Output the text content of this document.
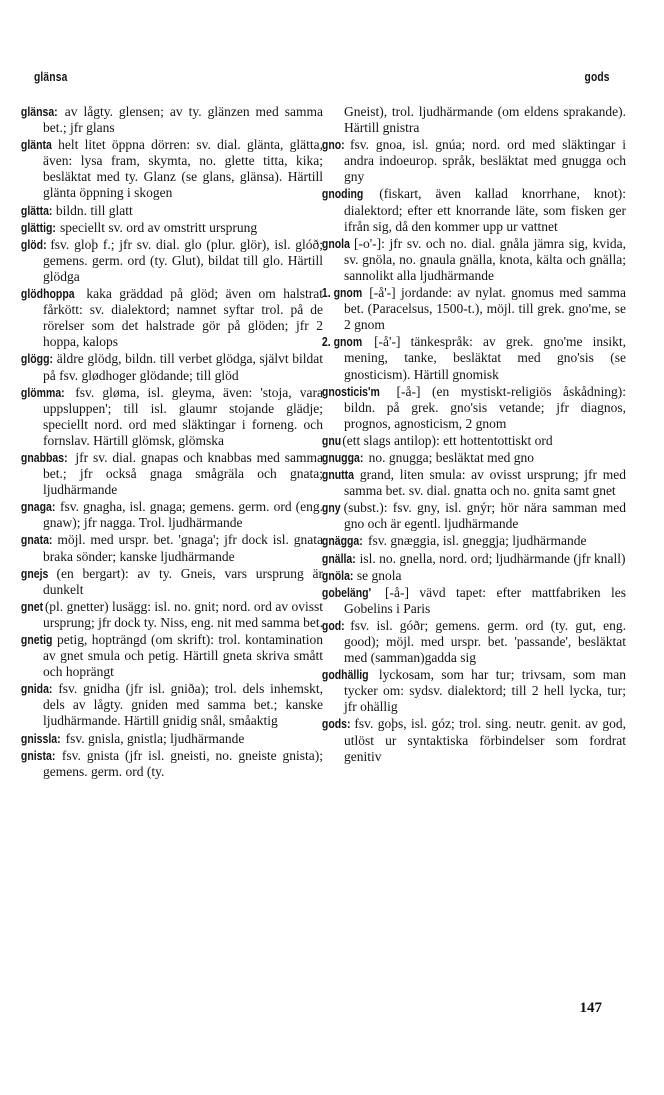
glänsa	gods

glänsa: av lågty. glensen; av ty. glänzen med samma bet.; jfr glans

glänta helt litet öppna dörren: sv. dial. glänta, glätta, även: lysa fram, skymta, no. glette titta, kika; besläktat med ty. Glanz (se glans, glänsa). Härtill glänta öppning i skogen

glätta: bildn. till glatt

glättig: speciellt sv. ord av omstritt ursprung

glöd: fsv. gloþ f.; jfr sv. dial. glo (plur. glör), isl. glóð; gemens. germ. ord (ty. Glut), bildat till glo. Härtill glödga

glödhoppa kaka gräddad på glöd; även om halstrat fårkött: sv. dialektord; namnet syftar trol. på de rörelser som det halstrade gör på glöden; jfr 2 hoppa, kalops

glögg: äldre glödg, bildn. till verbet glödga, självt bildat på fsv. glødhoger glödande; till glöd

glömma: fsv. gløma, isl. gleyma, även: 'stoja, vara uppsluppen'; till isl. glaumr stojande glädje; speciellt nord. ord med släktingar i forneng. och fornslav. Härtill glömsk, glömska

gnabbas: jfr sv. dial. gnapas och knabbas med samma bet.; jfr också gnaga smågräla och gnata; ljudhärmande

gnaga: fsv. gnagha, isl. gnaga; gemens. germ. ord (eng. gnaw); jfr nagga. Trol. ljudhärmande

gnata: möjl. med urspr. bet. 'gnaga'; jfr dock isl. gnata braka sönder; kanske ljudhärmande

gnejs (en bergart): av ty. Gneis, vars ursprung är dunkelt

gnet (pl. gnetter) lusägg: isl. no. gnit; nord. ord av ovisst ursprung; jfr dock ty. Niss, eng. nit med samma bet.

gnetig petig, hopträngd (om skrift): trol. kontamination av gnet smula och petig. Härtill gneta skriva smått och hoprängt

gnida: fsv. gnidha (jfr isl. gniða); trol. dels inhemskt, dels av lågty. gniden med samma bet.; kanske ljudhärmande. Härtill gnidig snål, småaktig

gnissla: fsv. gnisla, gnistla; ljudhärmande

gnista: fsv. gnista (jfr isl. gneisti, no. gneiste gnista); gemens. germ. ord (ty.

Gneist), trol. ljudhärmande (om eldens sprakande). Härtill gnistra

gno: fsv. gnoa, isl. gnúa; nord. ord med släktingar i andra indoeurop. språk, besläktat med gnugga och gny

gnoding (fiskart, även kallad knorrhane, knot): dialektord; efter ett knorrande läte, som fisken ger ifrån sig, då den kommer upp ur vattnet

gnola [-o'-]: jfr sv. och no. dial. gnåla jämra sig, kvida, sv. gnöla, no. gnaula gnälla, knota, kälta och gnälla; sannolikt alla ljudhärmande

1. gnom [-å'-] jordande: av nylat. gnomus med samma bet. (Paracelsus, 1500-t.), möjl. till grek. gno'me, se 2 gnom

2. gnom [-å'-] tänkespråk: av grek. gno'me insikt, mening, tanke, besläktat med gno'sis (se gnosticism). Härtill gnomisk

gnosticis'm [-å-] (en mystiskt-religiös åskådning): bildn. på grek. gno'sis vetande; jfr diagnos, prognos, agnosticism, 2 gnom

gnu (ett slags antilop): ett hottentottiskt ord

gnugga: no. gnugga; besläktat med gno

gnutta grand, liten smula: av ovisst ursprung; jfr med samma bet. sv. dial. gnatta och no. gnita samt gnet

gny (subst.): fsv. gny, isl. gnýr; hör nära samman med gno och är egentl. ljudhärmande

gnägga: fsv. gnæggia, isl. gneggja; ljudhärmande

gnälla: isl. no. gnella, nord. ord; ljudhärmande (jfr knall)

gnöla: se gnola

gobeläng' [-å-] vävd tapet: efter mattfabriken les Gobelins i Paris

god: fsv. isl. góðr; gemens. germ. ord (ty. gut, eng. good); möjl. med urspr. bet. 'passande', besläktat med (samman)gadda sig

godhällig lyckosam, som har tur; trivsam, som man tycker om: sydsv. dialektord; till 2 hell lycka, tur; jfr ohällig

gods: fsv. goþs, isl. góz; trol. sing. neutr. genit. av god, utlöst ur syntaktiska förbindelser som fordrat genitiv

147
